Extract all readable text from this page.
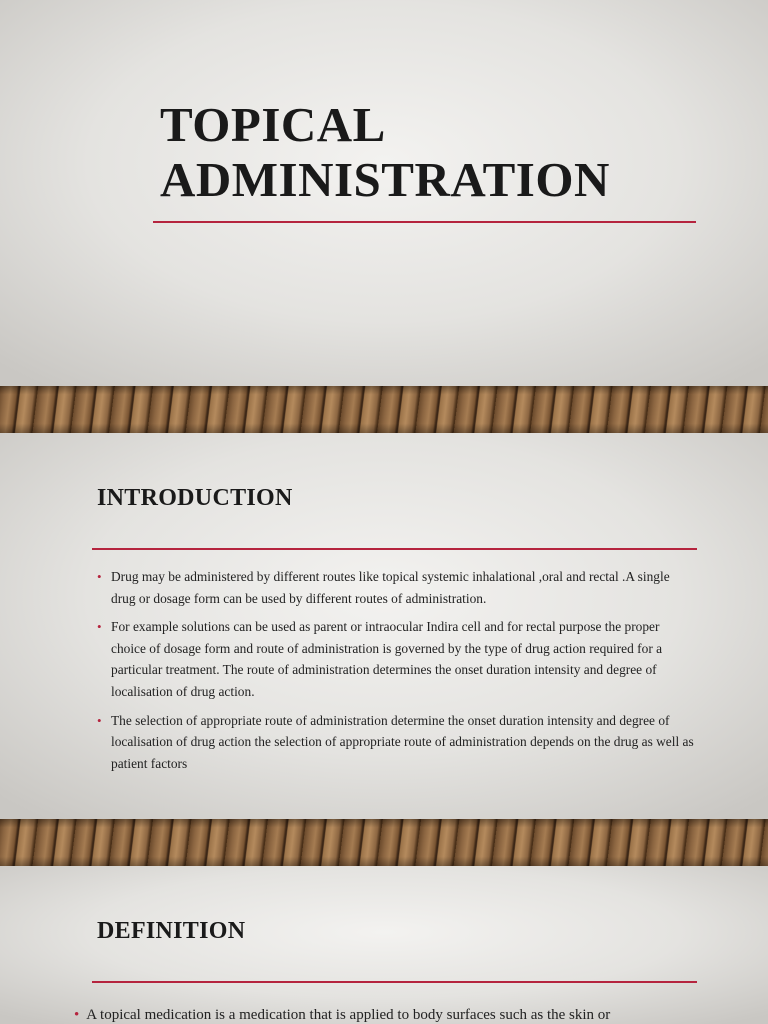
TOPICAL
ADMINISTRATION
INTRODUCTION
• Drug may be administered by different routes like topical systemic inhalational ,oral and rectal .A single drug or dosage form can be used by different routes of administration.
• For example solutions can be used as parent or intraocular Indira cell and for rectal purpose the proper choice of dosage form and route of administration is governed by the type of drug action required for a particular treatment. The route of administration determines the onset duration intensity and degree of localisation of drug action.
• The selection of appropriate route of administration determine the onset duration intensity and degree of localisation of drug action the selection of appropriate route of administration depends on the drug as well as patient factors
DEFINITION

• A topical medication is a medication that is applied to body surfaces such as the skin or
